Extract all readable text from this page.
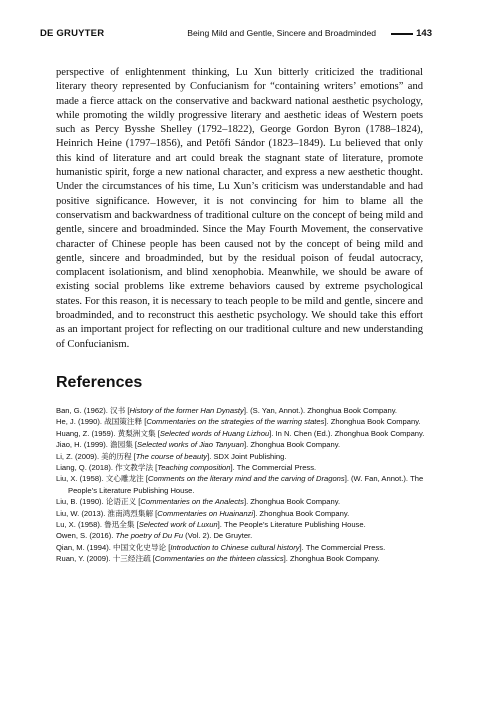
DE GRUYTER	Being Mild and Gentle, Sincere and Broadminded	143

perspective of enlightenment thinking, Lu Xun bitterly criticized the traditional literary theory represented by Confucianism for “containing writers’ emotions” and made a fierce attack on the conservative and backward national aesthetic psychology, while promoting the wildly progressive literary and aesthetic ideas of Western poets such as Percy Bysshe Shelley (1792–1822), George Gordon Byron (1788–1824), Heinrich Heine (1797–1856), and Petőfi Sándor (1823–1849). Lu believed that only this kind of literature and art could break the stagnant state of literature, promote humanistic spirit, forge a new national character, and express a new aesthetic thought. Under the circumstances of his time, Lu Xun’s criticism was understandable and had positive significance. However, it is not convincing for him to blame all the conservatism and backwardness of traditional culture on the concept of being mild and gentle, sincere and broadminded. Since the May Fourth Movement, the conservative character of Chinese people has been caused not by the concept of being mild and gentle, sincere and broadminded, but by the residual poison of feudal autocracy, complacent isolationism, and blind xenophobia. Meanwhile, we should be aware of existing social problems like extreme behaviors caused by extreme psychological states. For this reason, it is necessary to teach people to be mild and gentle, sincere and broadminded, and to reconstruct this aesthetic psychology. We should take this effort as an important project for reflecting on our traditional culture and new understanding of Confucianism.

References
Ban, G. (1962). 汉书 [History of the former Han Dynasty]. (S. Yan, Annot.). Zhonghua Book Company.
He, J. (1990). 战国策注释 [Commentaries on the strategies of the warring states]. Zhonghua Book Company.
Huang, Z. (1959). 黄梨洲文集 [Selected words of Huang Lizhou]. In N. Chen (Ed.). Zhonghua Book Company.
Jiao, H. (1999). 澹园集 [Selected works of Jiao Tanyuan]. Zhonghua Book Company.
Li, Z. (2009). 美的历程 [The course of beauty]. SDX Joint Publishing.
Liang, Q. (2018). 作文教学法 [Teaching composition]. The Commercial Press.
Liu, X. (1958). 文心雕龙注 [Comments on the literary mind and the carving of Dragons]. (W. Fan, Annot.). The People’s Literature Publishing House.
Liu, B. (1990). 论语正义 [Commentaries on the Analects]. Zhonghua Book Company.
Liu, W. (2013). 淮南鸿烈集解 [Commentaries on Huainanzi]. Zhonghua Book Company.
Lu, X. (1958). 鲁迅全集 [Selected work of Luxun]. The People’s Literature Publishing House.
Owen, S. (2016). The poetry of Du Fu (Vol. 2). De Gruyter.
Qian, M. (1994). 中国文化史导论 [Introduction to Chinese cultural history]. The Commercial Press.
Ruan, Y. (2009). 十三经注疏 [Commentaries on the thirteen classics]. Zhonghua Book Company.
